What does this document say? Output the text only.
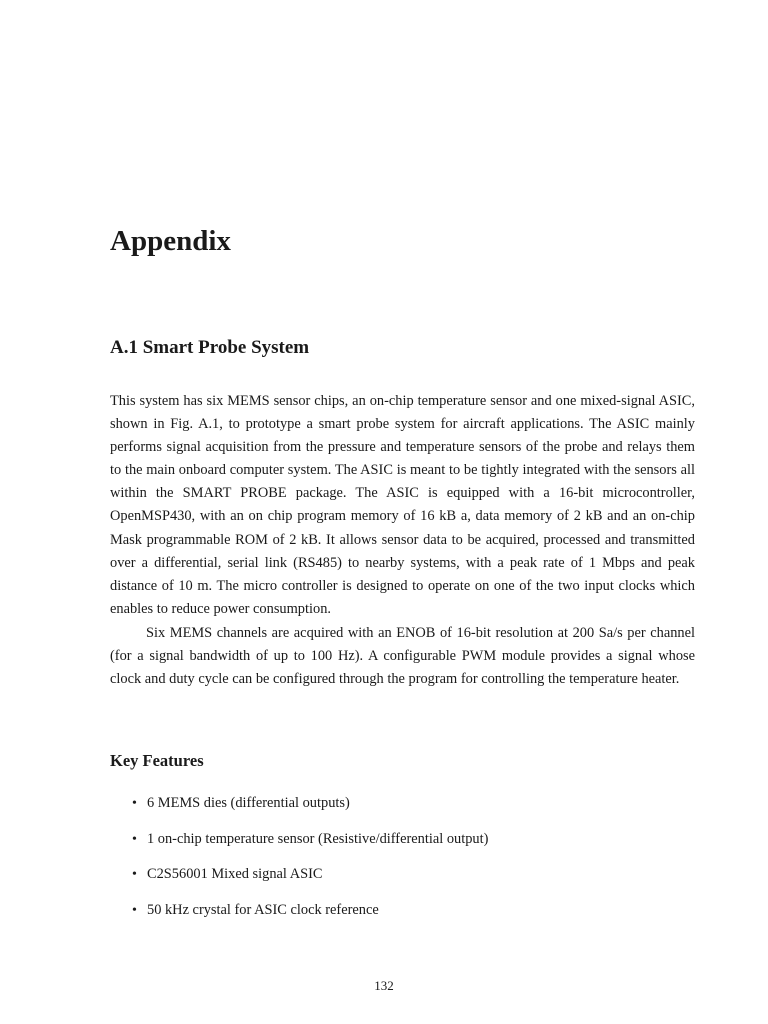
Appendix
A.1 Smart Probe System

This system has six MEMS sensor chips, an on-chip temperature sensor and one mixed-signal ASIC, shown in Fig. A.1, to prototype a smart probe system for aircraft applications. The ASIC mainly performs signal acquisition from the pressure and temperature sensors of the probe and relays them to the main onboard computer system. The ASIC is meant to be tightly integrated with the sensors all within the SMART PROBE package. The ASIC is equipped with a 16-bit microcontroller, OpenMSP430, with an on chip program memory of 16 kB a, data memory of 2 kB and an on-chip Mask programmable ROM of 2 kB. It allows sensor data to be acquired, processed and transmitted over a differential, serial link (RS485) to nearby systems, with a peak rate of 1 Mbps and peak distance of 10 m. The micro controller is designed to operate on one of the two input clocks which enables to reduce power consumption.

Six MEMS channels are acquired with an ENOB of 16-bit resolution at 200 Sa/s per channel (for a signal bandwidth of up to 100 Hz). A configurable PWM module provides a signal whose clock and duty cycle can be configured through the program for controlling the temperature heater.

Key Features
• 6 MEMS dies (differential outputs)
• 1 on-chip temperature sensor (Resistive/differential output)
• C2S56001 Mixed signal ASIC
• 50 kHz crystal for ASIC clock reference
132
